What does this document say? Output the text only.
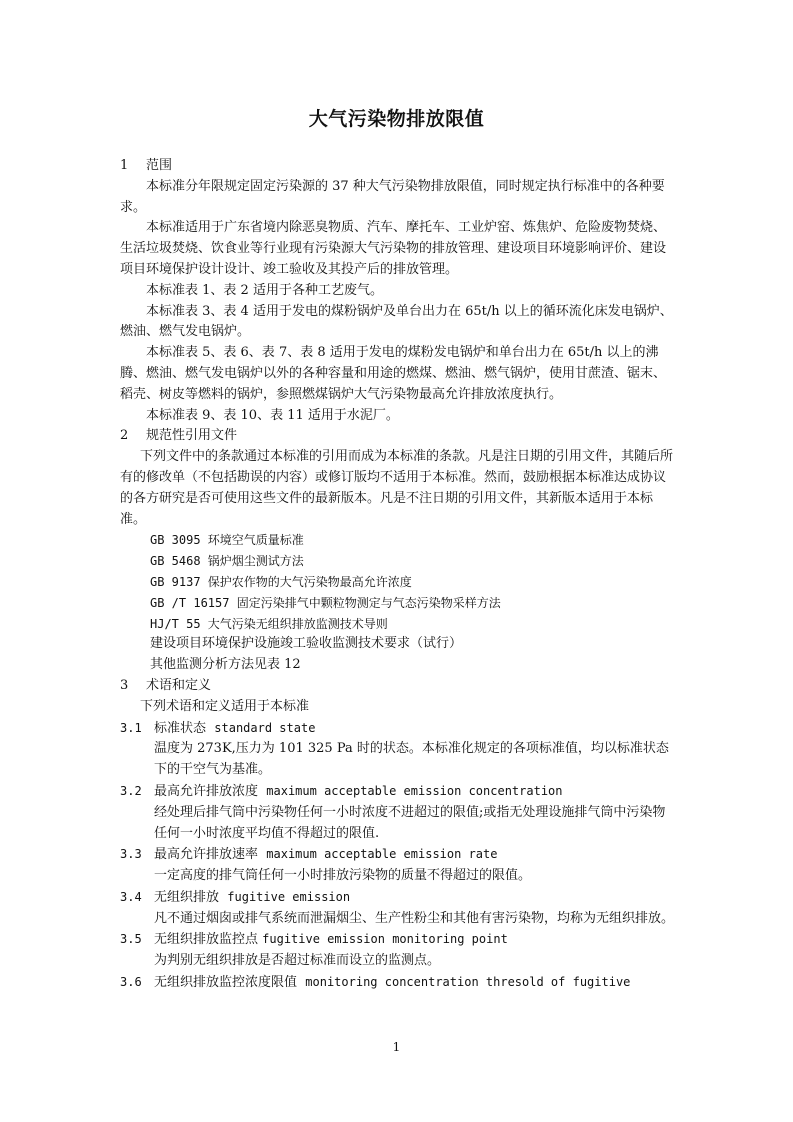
大气污染物排放限值

1 范围

本标准分年限规定固定污染源的 37 种大气污染物排放限值，同时规定执行标准中的各种要求。

本标准适用于广东省境内除恶臭物质、汽车、摩托车、工业炉窑、炼焦炉、危险废物焚烧、生活垃圾焚烧、饮食业等行业现有污染源大气污染物的排放管理、建设项目环境影响评价、建设项目环境保护设计设计、竣工验收及其投产后的排放管理。

本标准表 1、表 2 适用于各种工艺废气。

本标准表 3、表 4 适用于发电的煤粉锅炉及单台出力在 65t/h 以上的循环流化床发电锅炉、燃油、燃气发电锅炉。

本标准表 5、表 6、表 7、表 8 适用于发电的煤粉发电锅炉和单台出力在 65t/h 以上的沸腾、燃油、燃气发电锅炉以外的各种容量和用途的燃煤、燃油、燃气锅炉，使用甘蔗渣、锯末、稻壳、树皮等燃料的锅炉，参照燃煤锅炉大气污染物最高允许排放浓度执行。

本标准表 9、表 10、表 11 适用于水泥厂。

2 规范性引用文件

下列文件中的条款通过本标准的引用而成为本标准的条款。凡是注日期的引用文件，其随后所有的修改单（不包括勘误的内容）或修订版均不适用于本标准。然而，鼓励根据本标准达成协议的各方研究是否可使用这些文件的最新版本。凡是不注日期的引用文件，其新版本适用于本标准。

GB 3095 环境空气质量标准

GB 5468 锅炉烟尘测试方法

GB 9137 保护农作物的大气污染物最高允许浓度

GB /T 16157 固定污染排气中颗粒物测定与气态污染物采样方法

HJ/T 55 大气污染无组织排放监测技术导则

建设项目环境保护设施竣工验收监测技术要求（试行）

其他监测分析方法见表 12

3 术语和定义

下列术语和定义适用于本标准

3.1 标准状态 standard state

温度为 273K,压力为 101 325 Pa 时的状态。本标准化规定的各项标准值，均以标准状态下的干空气为基准。

3.2 最高允许排放浓度 maximum acceptable emission concentration

经处理后排气筒中污染物任何一小时浓度不进超过的限值;或指无处理设施排气筒中污染物任何一小时浓度平均值不得超过的限值.

3.3 最高允许排放速率 maximum acceptable emission rate

一定高度的排气筒任何一小时排放污染物的质量不得超过的限值。

3.4 无组织排放 fugitive emission

凡不通过烟囱或排气系统而泄漏烟尘、生产性粉尘和其他有害污染物，均称为无组织排放。

3.5 无组织排放监控点 fugitive emission monitoring point

为判别无组织排放是否超过标准而设立的监测点。

3.6 无组织排放监控浓度限值 monitoring concentration thresold of fugitive

1
